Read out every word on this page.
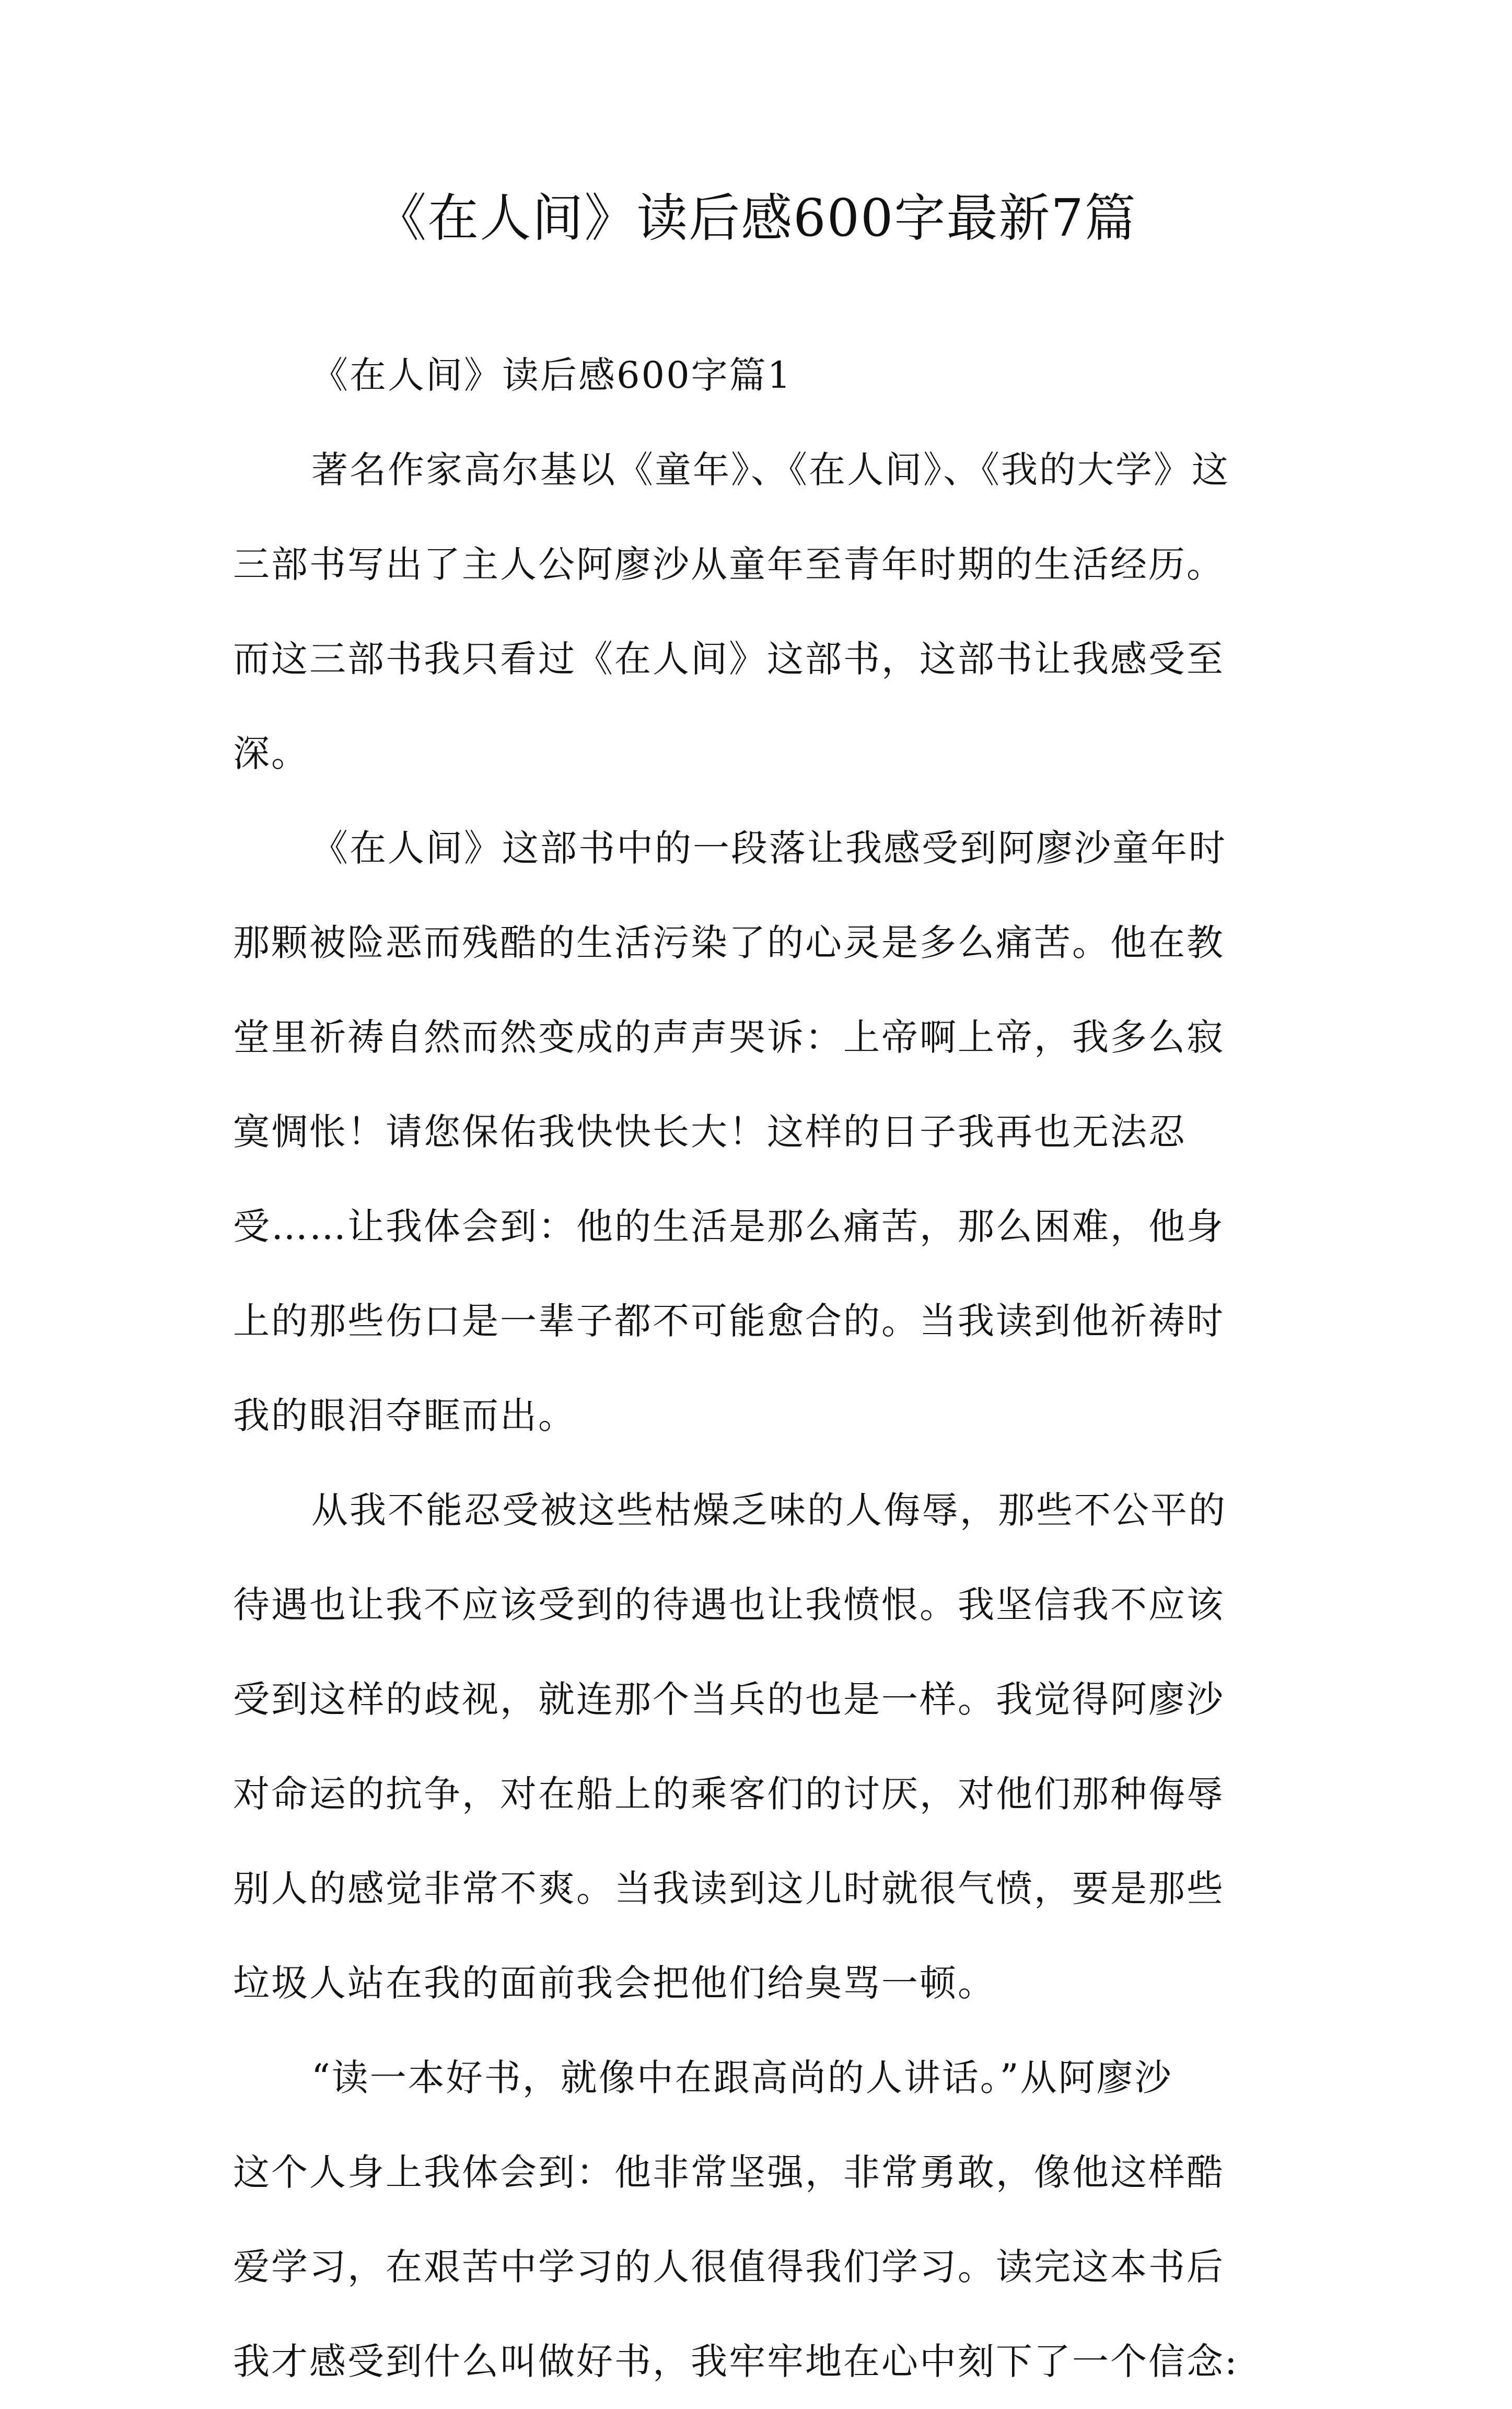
《在人间》读后感600字最新7篇
《在人间》读后感600字篇1
著名作家高尔基以《童年》、《在人间》、《我的大学》这
三部书写出了主人公阿廖沙从童年至青年时期的生活经历。
而这三部书我只看过《在人间》这部书，这部书让我感受至
深。
《在人间》这部书中的一段落让我感受到阿廖沙童年时
那颗被险恶而残酷的生活污染了的心灵是多么痛苦。他在教
堂里祈祷自然而然变成的声声哭诉：上帝啊上帝，我多么寂
寞惆怅！请您保佑我快快长大！这样的日子我再也无法忍
受……让我体会到：他的生活是那么痛苦，那么困难，他身
上的那些伤口是一辈子都不可能愈合的。当我读到他祈祷时
我的眼泪夺眶而出。
从我不能忍受被这些枯燥乏味的人侮辱，那些不公平的
待遇也让我不应该受到的待遇也让我愤恨。我坚信我不应该
受到这样的歧视，就连那个当兵的也是一样。我觉得阿廖沙
对命运的抗争，对在船上的乘客们的讨厌，对他们那种侮辱
别人的感觉非常不爽。当我读到这儿时就很气愤，要是那些
垃圾人站在我的面前我会把他们给臭骂一顿。
“读一本好书，就像中在跟高尚的人讲话。”从阿廖沙
这个人身上我体会到：他非常坚强，非常勇敢，像他这样酷
爱学习，在艰苦中学习的人很值得我们学习。读完这本书后
我才感受到什么叫做好书，我牢牢地在心中刻下了一个信念:
